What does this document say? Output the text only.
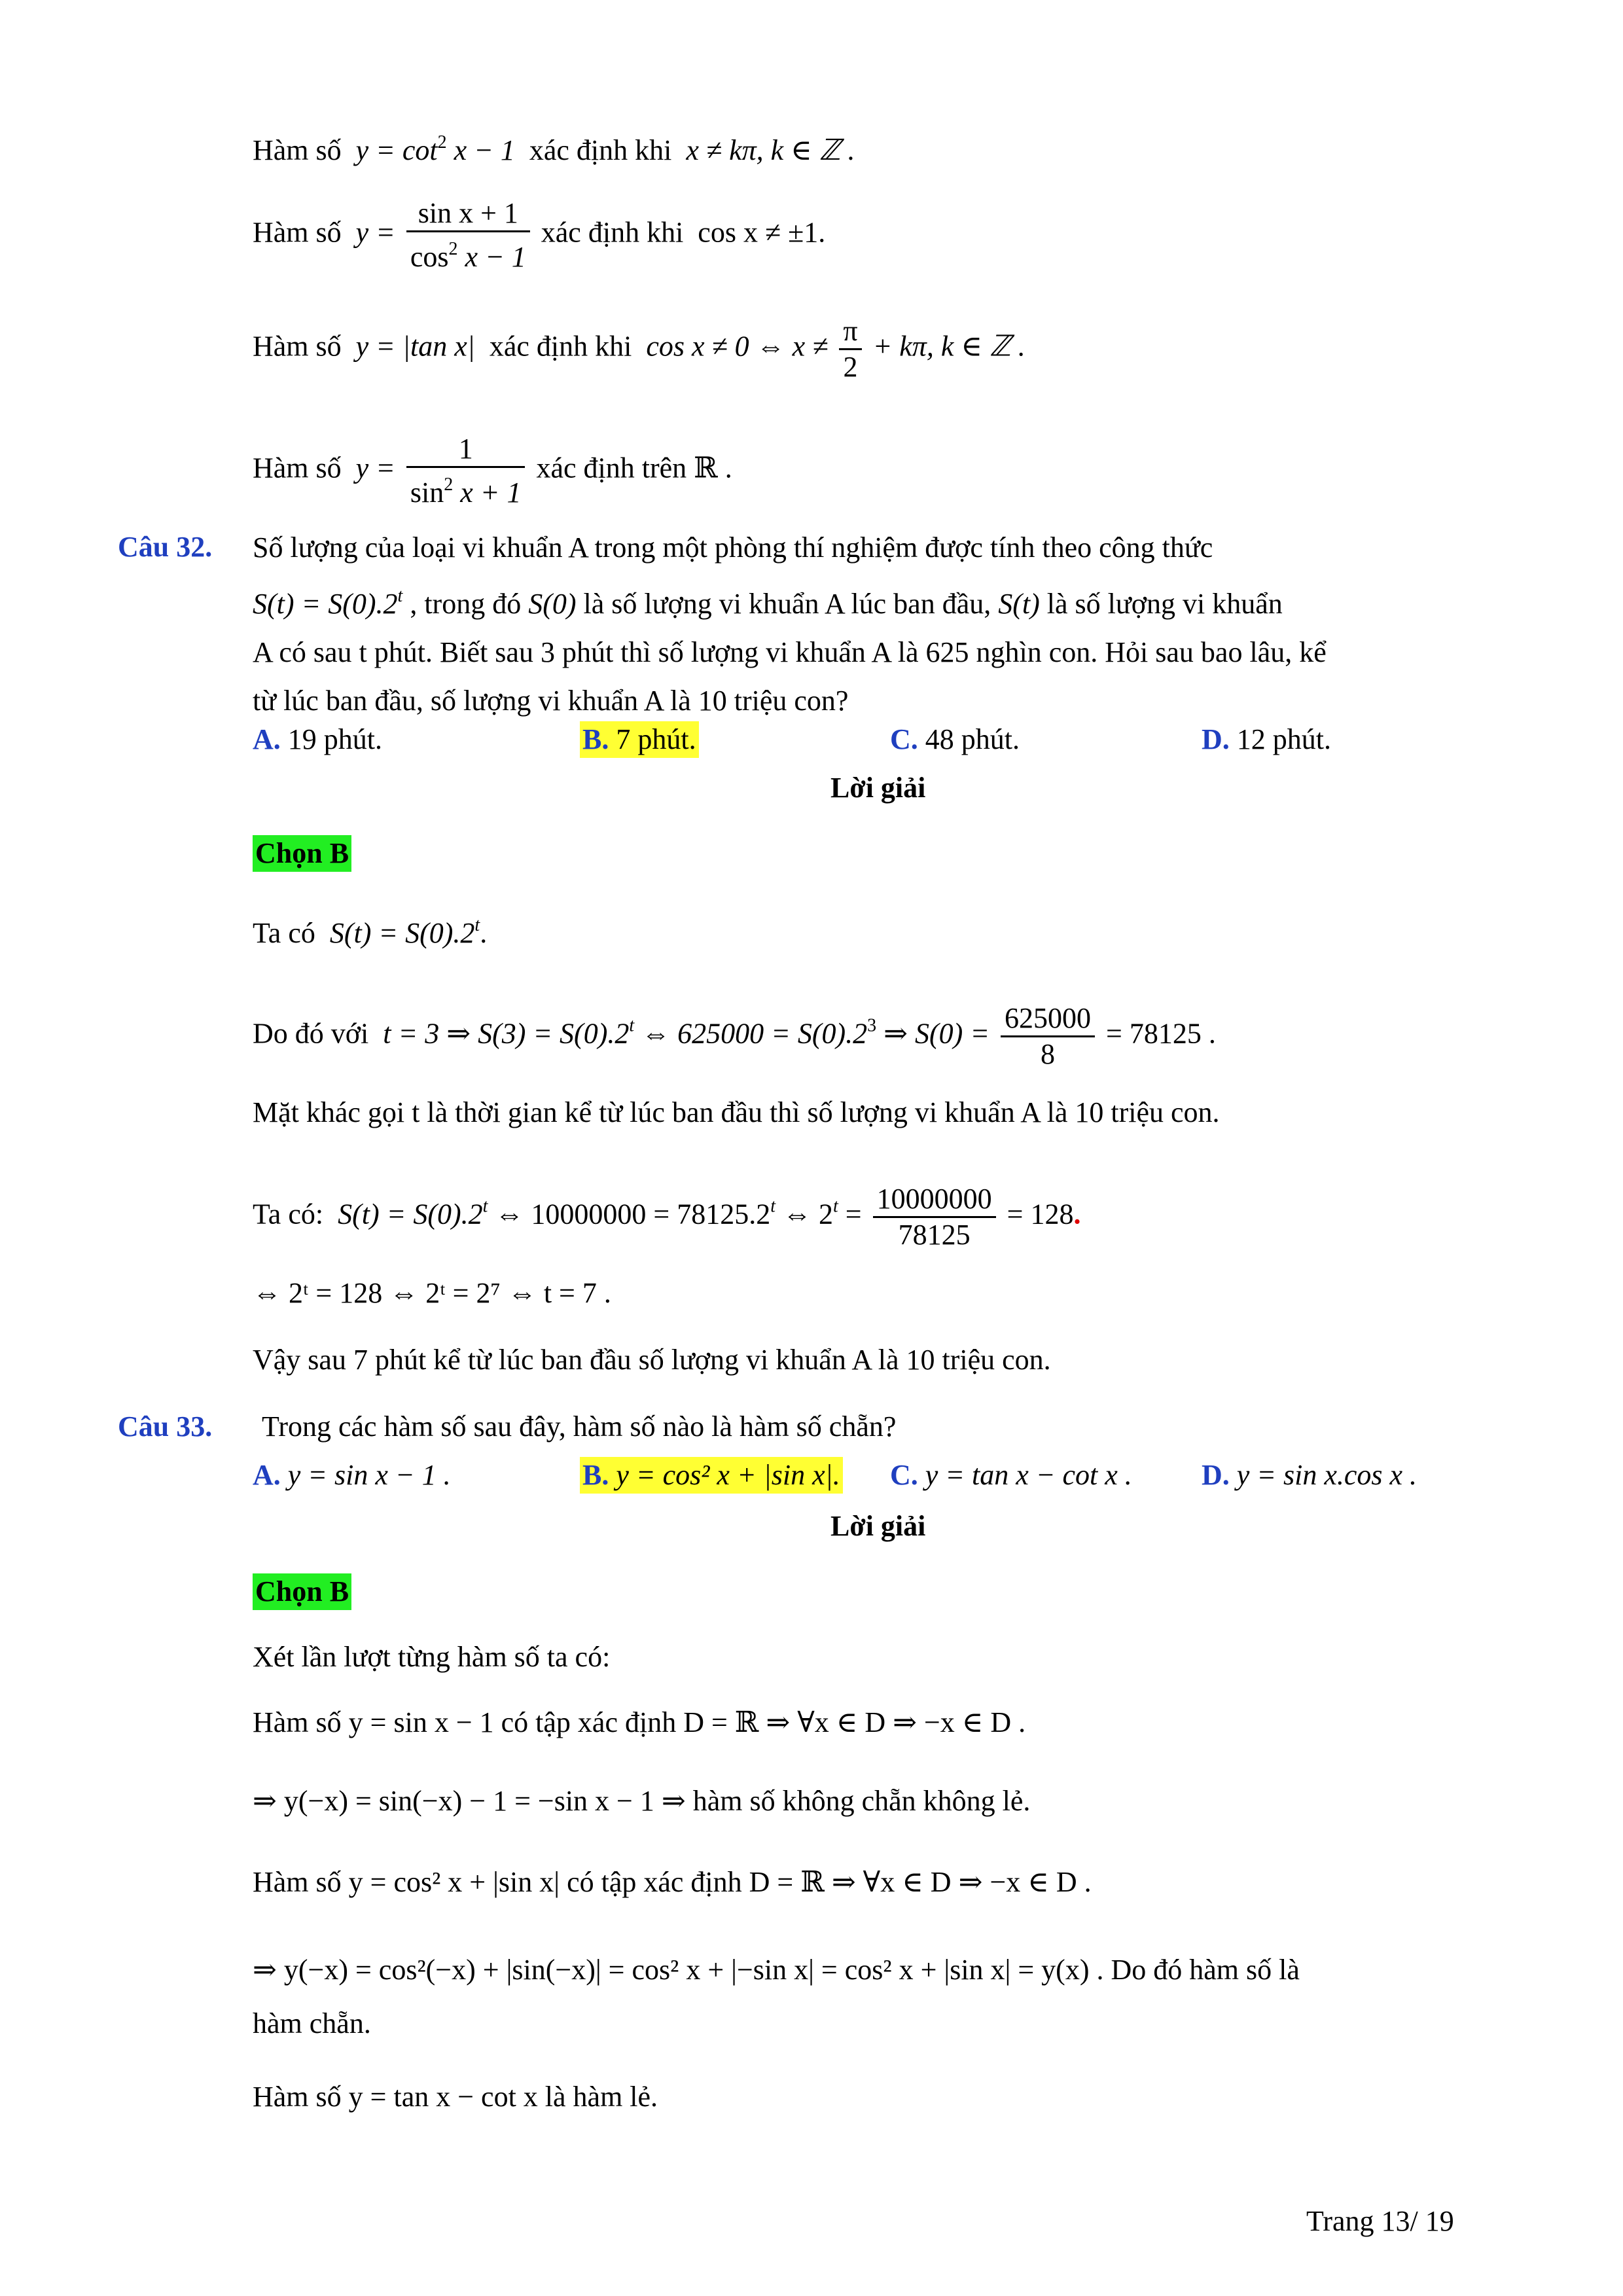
Hàm số $y = \cot^2 x - 1$ xác định khi x ≠ kπ, k ∈ ℤ .
Hàm số $y = \frac{\text{sin x + 1}}{\cos^2 x - 1}$ xác định khi cos x ≠ ±1.
Hàm số y = |tan x| xác định khi cos x ≠ 0 ⇔ $x \ne \frac{\pi}{2} + k\pi$, k ∈ ℤ .
Hàm số $y = \frac{1}{\sin^2 x + 1}$ xác định trên ℝ .
Câu 32. Số lượng của loại vi khuẩn A trong một phòng thí nghiệm được tính theo công thức
$S(t) = S(0).2^t$ , trong đó S(0) là số lượng vi khuẩn A lúc ban đầu, S(t) là số lượng vi khuẩn
A có sau t phút. Biết sau 3 phút thì số lượng vi khuẩn A là 625 nghìn con. Hỏi sau bao lâu, kể
từ lúc ban đầu, số lượng vi khuẩn A là 10 triệu con?
A. 19 phút.	B. 7 phút.	C. 48 phút.	D. 12 phút.
Lời giải
Chọn B
Ta có $S(t) = S(0).2^t$.
Do đó với t = 3 ⇒ $S(3) = S(0).2^t$ ⇔ $625000 = S(0).2^3$ ⇒ $S(0) = \frac{625000}{8} = 78125$ .
Mặt khác gọi t là thời gian kể từ lúc ban đầu thì số lượng vi khuẩn A là 10 triệu con.
Ta có: $S(t) = S(0).2^t$ ⇔ $10000000 = 78125.2^t$ ⇔ $2^t = \frac{10000000}{78125} = 128$.
⇔ 2ᵗ = 128 ⇔ 2ᵗ = 2⁷ ⇔ t = 7 .
Vậy sau 7 phút kể từ lúc ban đầu số lượng vi khuẩn A là 10 triệu con.
Câu 33. Trong các hàm số sau đây, hàm số nào là hàm số chẵn?
A. y = sin x − 1 .	B. y = cos² x + |sin x|. C. y = tan x − cot x . D. y = sin x.cos x .
Lời giải
Chọn B
Xét lần lượt từng hàm số ta có:
Hàm số y = sin x − 1 có tập xác định D = ℝ ⇒ ∀x ∈ D ⇒ −x ∈ D .
⇒ y(−x) = sin(−x) − 1 = −sin x − 1 ⇒ hàm số không chẵn không lẻ.
Hàm số y = cos² x + |sin x| có tập xác định D = ℝ ⇒ ∀x ∈ D ⇒ −x ∈ D .
⇒ y(−x) = cos²(−x) + |sin(−x)| = cos² x + |−sin x| = cos² x + |sin x| = y(x) . Do đó hàm số là
hàm chẵn.
Hàm số y = tan x − cot x là hàm lẻ.
Trang 13/ 19
